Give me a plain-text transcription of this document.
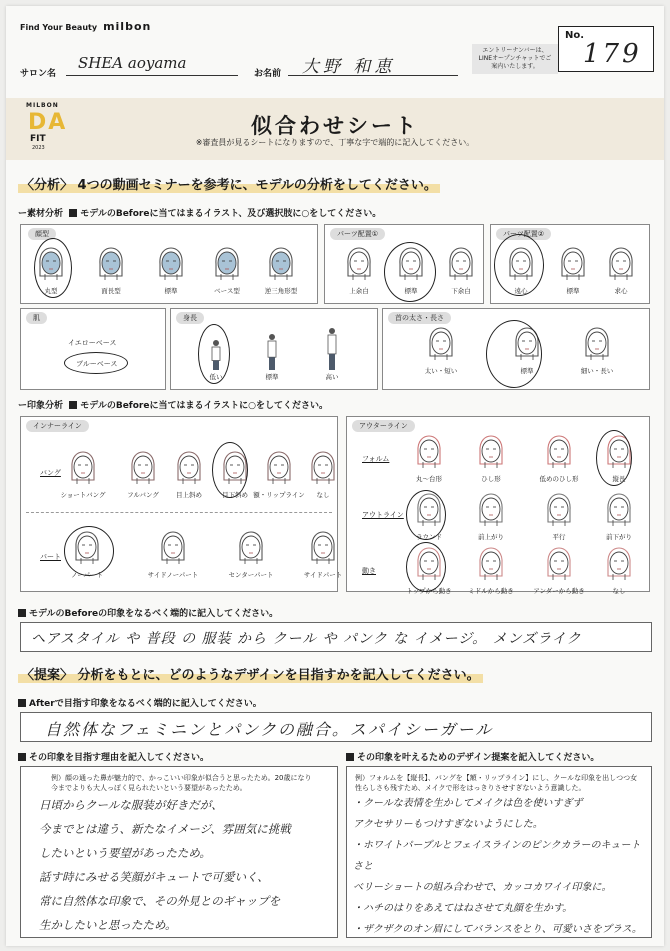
Find Your Beauty milbon
サロン名
SHEA aoyama
お名前	大野 和恵
エントリーナンバーは、LINEオープンチャットでご案内いたします。
No.
179
MILBON
DA
FIT
2023
似合わせシート
※審査員が見るシートになりますので、丁寧な字で端的に記入してください。
〈分析〉 4つの動画セミナーを参考に、モデルの分析をしてください。
ー素材分析 モデルのBeforeに当てはまるイラスト、及び選択肢に○をしてください。
顔型	パーツ配置①	パーツ配置②
肌	身長	首の太さ・長さ
イエローベース
ブルーベース
ー印象分析 モデルのBeforeに当てはまるイラストに○をしてください。
インナーライン	アウターライン
バング
パート
フォルム
アウトライン
動き
モデルのBeforeの印象をなるべく端的に記入してください。
ヘアスタイル や 普段 の 服装 から クール や パンク な イメージ。 メンズライク
〈提案〉 分析をもとに、どのようなデザインを目指すかを記入してください。
Afterで目指す印象をなるべく端的に記入してください。
自然体なフェミニンとパンクの融合。スパイシーガール
その印象を目指す理由を記入してください。	その印象を叶えるためのデザイン提案を記入してください。
例）顔の通った鼻が魅力的で、かっこいい印象が似合うと思ったため。20歳になり今までよりも大人っぽく見られたいという要望があったため。
日頃からクールな服装が好きだが、
今までとは違う、新たなイメージ、雰囲気に挑戦
したいという要望があったため。
話す時にみせる笑顔がキュートで可愛いく、
常に自然体な印象で、その外見とのギャップを
生かしたいと思ったため。
例）フォルムを【縦長】、バングを【額・リップライン】にし、クールな印象を出しつつ女性らしさも残すため、メイクで形をはっきりさせすぎないよう意識した。
・クールな表情を生かしてメイクは色を使いすぎず
アクセサリーもつけすぎないようにした。
・ホワイトパープルとフェイスラインのピンクカラーのキュートさと
ベリーショートの組み合わせで、カッコカワイイ印象に。
・ハチのはりをあえてはねさせて丸顔を生かす。
・ザクザクのオン眉にしてバランスをとり、可愛いさをプラス。
丸型	面長型	標準	ベース型	逆三角形型	上余白	標準	下余白	遠心	標準	求心
低い	標準	高い
太い・短い	標準	細い・長い
ショートバング	フルバング	目上斜め	目下斜め 額・リップライン	なし
ノーパート	サイドノーパート	センターパート	サイドパート
丸〜台形	ひし形	低めのひし形	縦長
ラウンド	前上がり	平行	前下がり
トップから動き	ミドルから動き	アンダーから動き	なし
